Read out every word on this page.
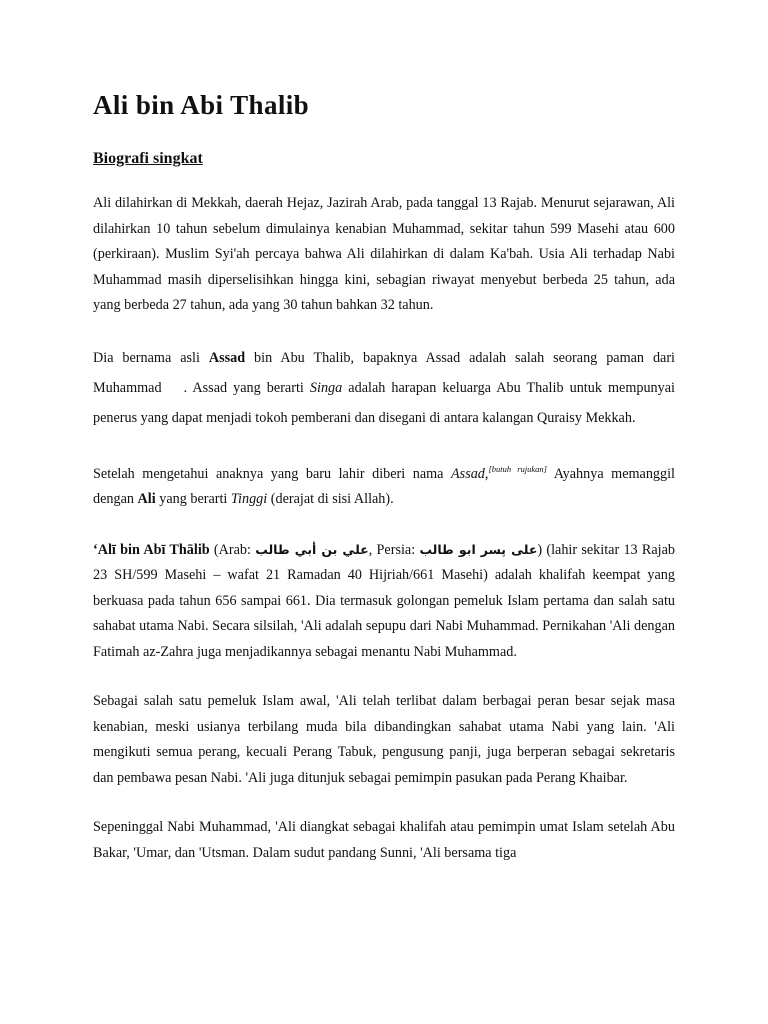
Ali bin Abi Thalib
Biografi singkat

Ali dilahirkan di Mekkah, daerah Hejaz, Jazirah Arab, pada tanggal 13 Rajab. Menurut sejarawan, Ali dilahirkan 10 tahun sebelum dimulainya kenabian Muhammad, sekitar tahun 599 Masehi atau 600 (perkiraan). Muslim Syi'ah percaya bahwa Ali dilahirkan di dalam Ka'bah. Usia Ali terhadap Nabi Muhammad masih diperselisihkan hingga kini, sebagian riwayat menyebut berbeda 25 tahun, ada yang berbeda 27 tahun, ada yang 30 tahun bahkan 32 tahun.

Dia bernama asli Assad bin Abu Thalib, bapaknya Assad adalah salah seorang paman dari Muhammad . Assad yang berarti Singa adalah harapan keluarga Abu Thalib untuk mempunyai penerus yang dapat menjadi tokoh pemberani dan disegani di antara kalangan Quraisy Mekkah.

Setelah mengetahui anaknya yang baru lahir diberi nama Assad,[butuh rujukan] Ayahnya memanggil dengan Ali yang berarti Tinggi (derajat di sisi Allah).

‘Alī bin Abī Thālib (Arab: علي بن أبي طالب, Persia: علی پسر ابو طالب) (lahir sekitar 13 Rajab 23 SH/599 Masehi – wafat 21 Ramadan 40 Hijriah/661 Masehi) adalah khalifah keempat yang berkuasa pada tahun 656 sampai 661. Dia termasuk golongan pemeluk Islam pertama dan salah satu sahabat utama Nabi. Secara silsilah, 'Ali adalah sepupu dari Nabi Muhammad. Pernikahan 'Ali dengan Fatimah az-Zahra juga menjadikannya sebagai menantu Nabi Muhammad.

Sebagai salah satu pemeluk Islam awal, 'Ali telah terlibat dalam berbagai peran besar sejak masa kenabian, meski usianya terbilang muda bila dibandingkan sahabat utama Nabi yang lain. 'Ali mengikuti semua perang, kecuali Perang Tabuk, pengusung panji, juga berperan sebagai sekretaris dan pembawa pesan Nabi. 'Ali juga ditunjuk sebagai pemimpin pasukan pada Perang Khaibar.

Sepeninggal Nabi Muhammad, 'Ali diangkat sebagai khalifah atau pemimpin umat Islam setelah Abu Bakar, 'Umar, dan 'Utsman. Dalam sudut pandang Sunni, 'Ali bersama tiga
